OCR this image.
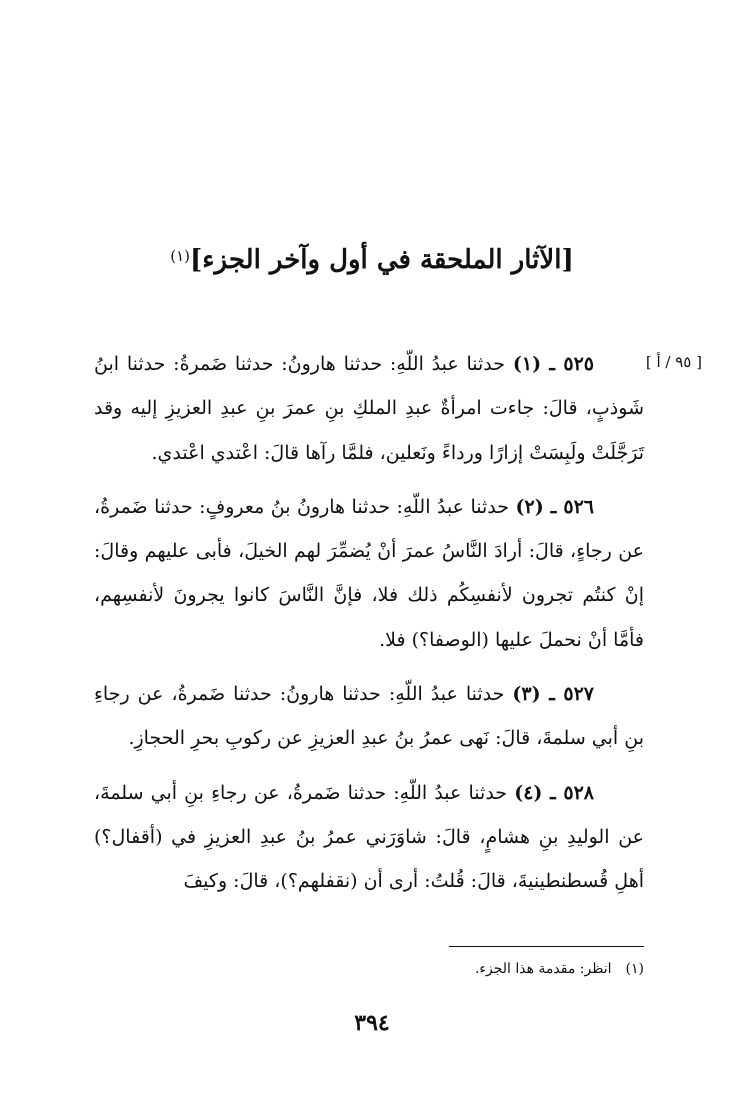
[الآثار الملحقة في أول وآخر الجزء]$^{(١)}$
[ ٩٥ / أ ]

٥٢٥ ـ (١) حدثنا عبدُ اللّهِ: حدثنا هارونُ: حدثنا ضَمرةُ: حدثنا ابنُ شَوذبٍ، قالَ: جاءت امرأةٌ عبدِ الملكِ بنِ عمرَ بنِ عبدِ العزيزِ إليه وقد تَرَجَّلَتْ ولَبِسَتْ إزارًا ورداءً ونَعلين، فلمَّا رآها قالَ: اعْتدي اعْتدي.

٥٢٦ ـ (٢) حدثنا عبدُ اللّهِ: حدثنا هارونُ بنُ معروفٍ: حدثنا ضَمرةُ، عن رجاءٍ، قالَ: أرادَ النَّاسُ عمرَ أنْ يُضمِّرَ لهم الخيلَ، فأبى عليهم وقالَ: إنْ كنتُم تجرون لأنفسِكُم ذلك فلا، فإنَّ النَّاسَ كانوا يجرونَ لأنفسِهم، فأمَّا أنْ نحملَ عليها (الوصفا؟) فلا.

٥٢٧ ـ (٣) حدثنا عبدُ اللّهِ: حدثنا هارونُ: حدثنا ضَمرةُ، عن رجاءِ بنِ أبي سلمةَ، قالَ: نَهى عمرُ بنُ عبدِ العزيزِ عن ركوبِ بحرِ الحجازِ.

٥٢٨ ـ (٤) حدثنا عبدُ اللّهِ: حدثنا ضَمرةُ، عن رجاءِ بنِ أبي سلمةَ، عن الوليدِ بنِ هشامٍ، قالَ: شاوَرَني عمرُ بنُ عبدِ العزيزِ في (أقفال؟) أهلِ قُسطنطينيةَ، قالَ: قُلتُ: أرى أن (نقفلهم؟)، قالَ: وكيفَ

(١)انظر: مقدمة هذا الجزء.
٣٩٤
